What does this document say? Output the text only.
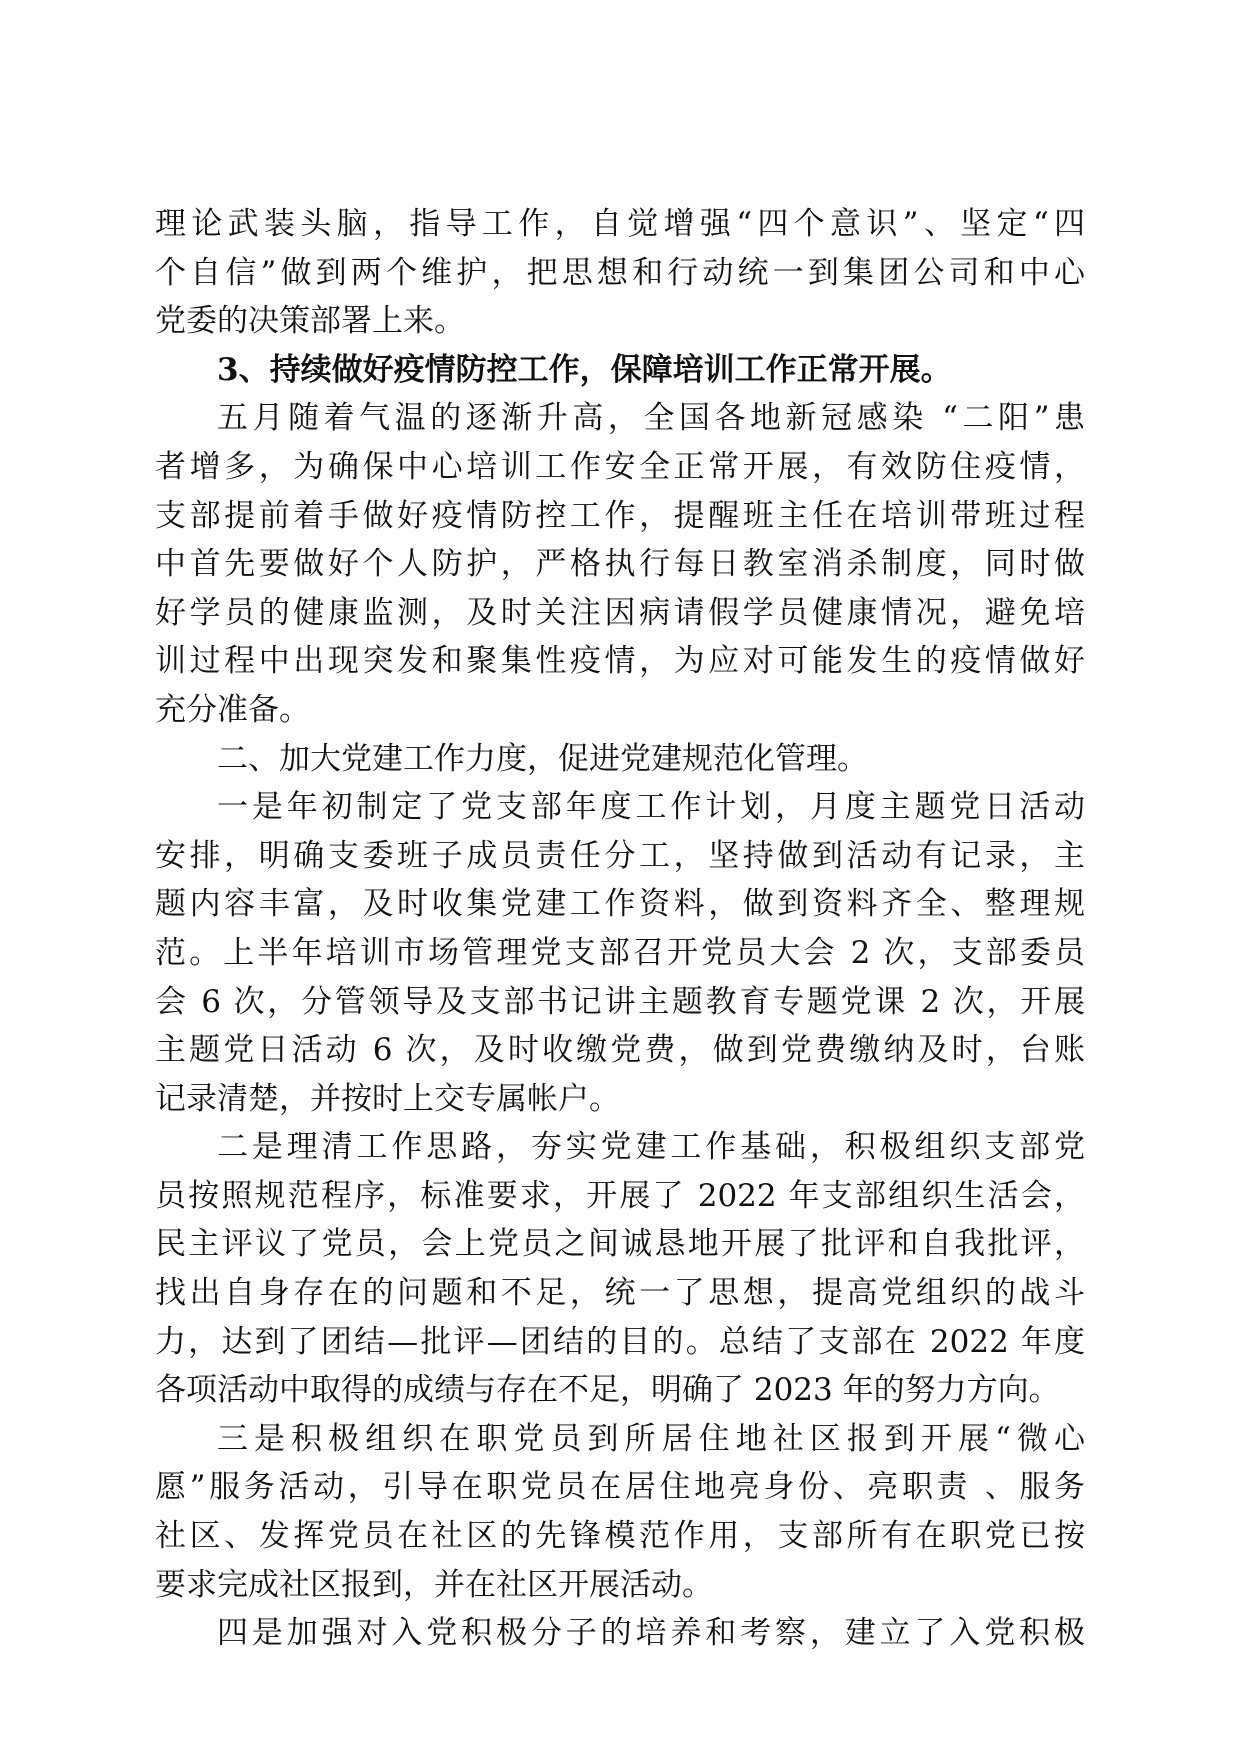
理论武装头脑，指导工作，自觉增强“四个意识”、坚定“四
个自信”做到两个维护，把思想和行动统一到集团公司和中心
党委的决策部署上来。
3、持续做好疫情防控工作，保障培训工作正常开展。
五月随着气温的逐渐升高，全国各地新冠感染 “二阳”患
者增多，为确保中心培训工作安全正常开展，有效防住疫情，
支部提前着手做好疫情防控工作，提醒班主任在培训带班过程
中首先要做好个人防护，严格执行每日教室消杀制度，同时做
好学员的健康监测，及时关注因病请假学员健康情况，避免培
训过程中出现突发和聚集性疫情，为应对可能发生的疫情做好
充分准备。
二、加大党建工作力度，促进党建规范化管理。
一是年初制定了党支部年度工作计划，月度主题党日活动
安排，明确支委班子成员责任分工，坚持做到活动有记录，主
题内容丰富，及时收集党建工作资料，做到资料齐全、整理规
范。上半年培训市场管理党支部召开党员大会 2 次，支部委员
会 6 次，分管领导及支部书记讲主题教育专题党课 2 次，开展
主题党日活动 6 次，及时收缴党费，做到党费缴纳及时，台账
记录清楚，并按时上交专属帐户。
二是理清工作思路，夯实党建工作基础，积极组织支部党
员按照规范程序，标准要求，开展了 2022 年支部组织生活会，
民主评议了党员，会上党员之间诚恳地开展了批评和自我批评，
找出自身存在的问题和不足，统一了思想，提高党组织的战斗
力，达到了团结—批评—团结的目的。总结了支部在 2022 年度
各项活动中取得的成绩与存在不足，明确了 2023 年的努力方向。
三是积极组织在职党员到所居住地社区报到开展“微心
愿”服务活动，引导在职党员在居住地亮身份、亮职责 、服务
社区、发挥党员在社区的先锋模范作用，支部所有在职党已按
要求完成社区报到，并在社区开展活动。
四是加强对入党积极分子的培养和考察，建立了入党积极
